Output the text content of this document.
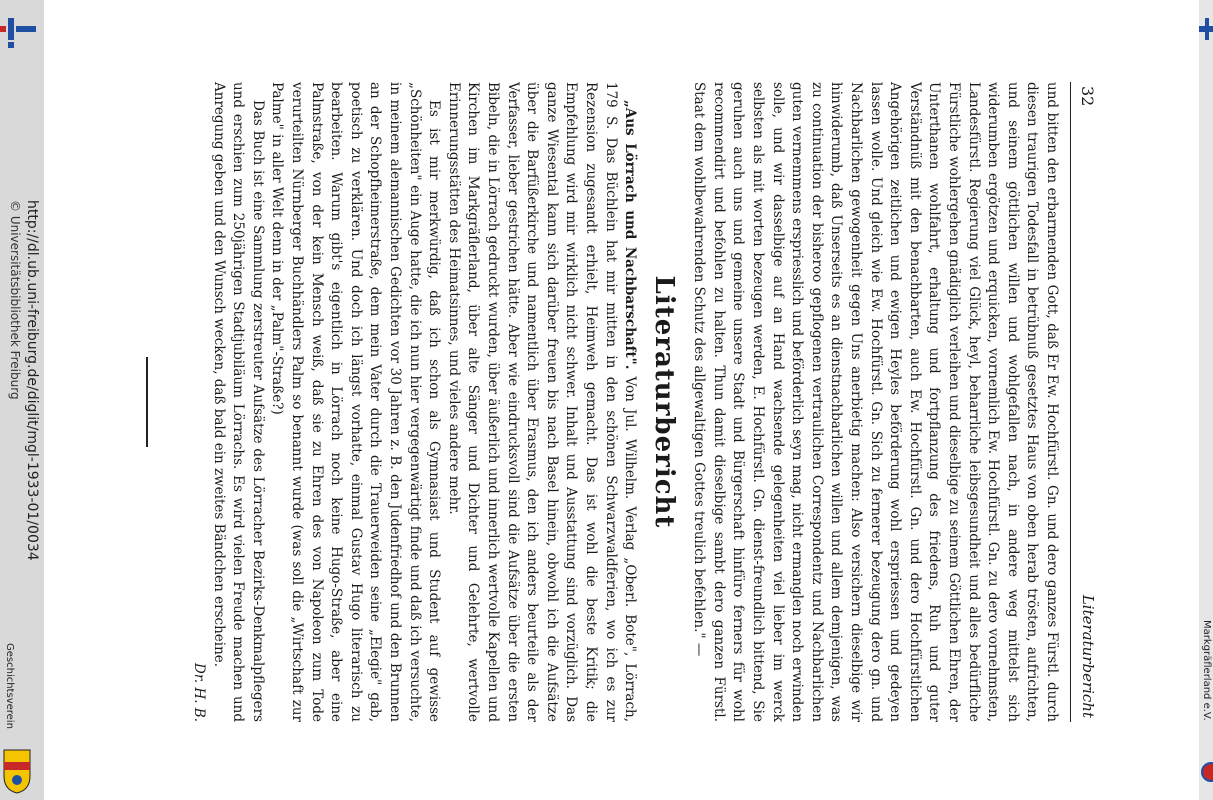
http://dl.ub.uni-freiburg.de/diglit/mgl-1933-01/0034
© Universitätsbibliothek Freiburg
Geschichtsverein	Markgräflerland e.V.
32
Literaturbericht

und bitten den erbarmenden Gott, daß Er Ew. Hochfürstl. Gn. und dero ganzes Fürstl. durch diesen traurigen Todesfall in betrübnuß gesetztes Haus von oben herab trösten, aufrichten, und seinem göttlichen willen und wohlgefallen nach, in andere weg mittelst sich widerumben ergötzen und erquicken, vornemlich Ew. Hochfürstl. Gn. zu dero vornehmsten, Landesfürstl. Regierung viel Glück, heyl, beharrliche leibsgesundheit und alles bedürfliche Fürstliche wohlergehen gnädiglich verleihen und dieselbige zu seinem Göttlichen Ehren, der Unterthanen wohlfahrt, erhaltung und fortpflanzung des friedens, Ruh und guter Verständnüß mit den benachbarten, auch Ew. Hochfürstl. Gn. und dero Hochfürstlichen Angehörigen zeitlichen und ewigen Heyles beförderung wohl erspriessen und gedeyen lassen wolle. Und gleich wie Ew. Hochfürstl. Gn. Sich zu fernerer bezeugung dero gn. und Nachbarlichen gewogenheit gegen Uns anerbietig machen: Also versichern dieselbige wir hinwiderumb, daß Unserseits es an dienstnachbarlichen willen und allem demjenigen, was zu continuation der bisheroo gepflogenen vertraulichen Correspondentz und Nachbarlichen guten vernemmens erspriesslich und beförderlich seyn mag, nicht ermanglen noch erwinden solle, und wir dasselbige auf an Hand wachsende gelegenheiten viel lieber im werck selbsten als mit worten bezeugen werden, E. Hochfürstl. Gn. dienst-freundlich bittend, Sie geruhen auch uns und gemeine unsere Stadt und Bürgerschaft hinfüro ferners für wohl recommendirt und befohlen zu halten. Thun damit dieselbige sambt dero ganzen Fürstl. Staat dem wohlbewahrenden Schutz des allgewaltigen Gottes treulich befehlen." —

Literaturbericht

„Aus Lörrach und Nachbarschaft". Von Jul. Wilhelm. Verlag „Oberl. Bote", Lörrach, 179 S. Das Büchlein hat mir mitten in den schönen Schwarzwaldferien, wo ich es zur Rezension zugesandt erhielt, Heimweh gemacht. Das ist wohl die beste Kritik; die Empfehlung wird mir wirklich nicht schwer. Inhalt und Ausstattung sind vorzüglich. Das ganze Wiesental kann sich darüber freuen bis nach Basel hinein, obwohl ich die Aufsätze über die Barfüßerkirche und namentlich über Erasmus, den ich anders beurteile als der Verfasser, lieber gestrichen hätte. Aber wie eindrucksvoll sind die Aufsätze über die ersten Bibeln, die in Lörrach gedruckt wurden, über äußerlich und innerlich wertvolle Kapellen und Kirchen im Markgräflerland, über alte Sänger und Dichter und Gelehrte, wertvolle Erinnerungsstätten des Heimatsinnes, und vieles andere mehr.

Es ist mir merkwürdig, daß ich schon als Gymnasiast und Student auf gewisse „Schönheiten" ein Auge hatte, die ich nun hier vergegenwärtigt finde und daß ich versuchte, in meinem alemannischen Gedichten vor 30 Jahren z. B. den Judenfriedhof und den Brunnen an der Schopfheimerstraße, dem mein Vater durch die Trauerweiden seine „Elegie" gab, poetisch zu verklären. Und doch ich längst vorhatte, einmal Gustav Hugo literarisch zu bearbeiten. Warum gibt's eigentlich in Lörrach noch keine Hugo-Straße, aber eine Palmstraße, von der kein Mensch weiß, daß sie zu Ehren des von Napoleon zum Tode verurteilten Nürnberger Buchhändlers Palm so benannt wurde (was soll die „Wirtschaft zur Palme" in aller Welt denn in der „Palm"-Straße?)

Das Buch ist eine Sammlung zerstreuter Aufsätze des Lörracher Bezirks-Denkmalpflegers und erschien zum 250jährigen Stadtjubiläum Lörrachs. Es wird vielen Freude machen und Anregung geben und den Wunsch wecken, daß bald ein zweites Bändchen erscheine.

Dr. H. B.
